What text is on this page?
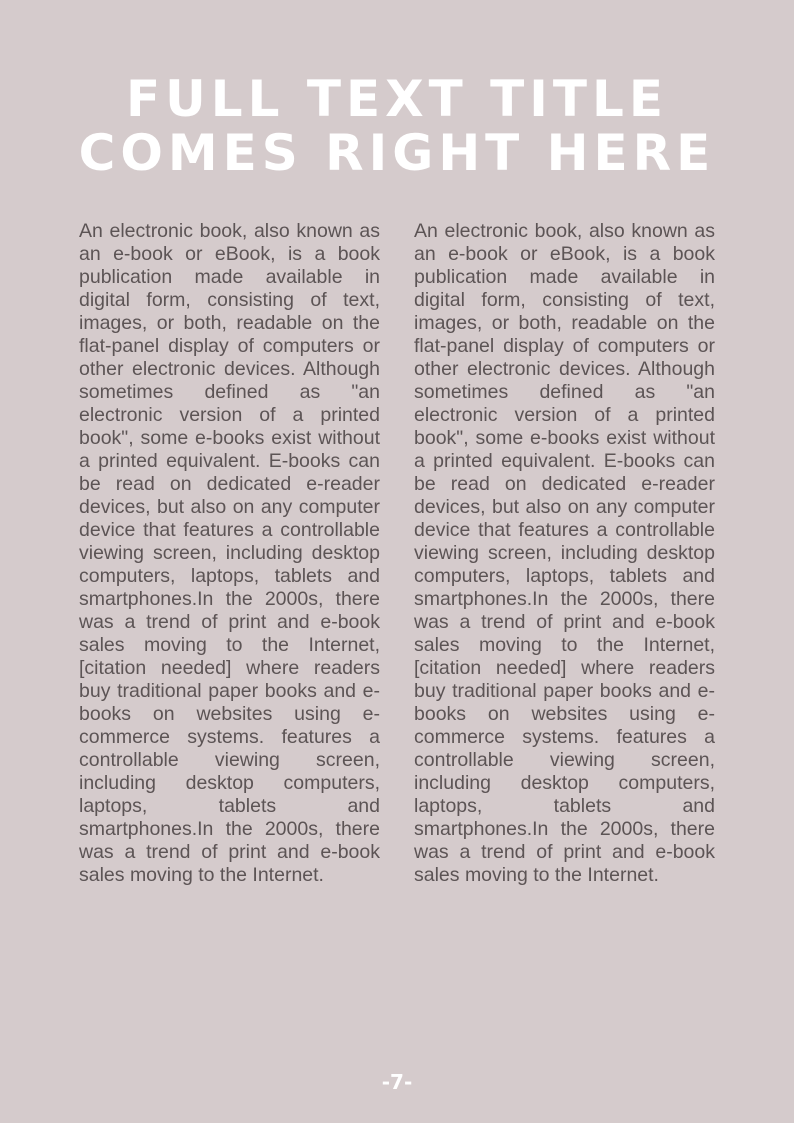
FULL TEXT TITLE
COMES RIGHT HERE

An electronic book, also known as an e-book or eBook, is a book publication made available in digital form, consisting of text, images, or both, readable on the flat-panel display of computers or other electronic devices. Although sometimes defined as "an electronic version of a printed book", some e-books exist without a printed equivalent. E-books can be read on dedicated e-reader devices, but also on any computer device that features a controllable viewing screen, including desktop computers, laptops, tablets and smartphones.In the 2000s, there was a trend of print and e-book sales moving to the Internet, [citation needed] where readers buy traditional paper books and e-books on websites using e-commerce systems. features a controllable viewing screen, including desktop computers, laptops, tablets and smartphones.In the 2000s, there was a trend of print and e-book sales moving to the Internet.

An electronic book, also known as an e-book or eBook, is a book publication made available in digital form, consisting of text, images, or both, readable on the flat-panel display of computers or other electronic devices. Although sometimes defined as "an electronic version of a printed book", some e-books exist without a printed equivalent. E-books can be read on dedicated e-reader devices, but also on any computer device that features a controllable viewing screen, including desktop computers, laptops, tablets and smartphones.In the 2000s, there was a trend of print and e-book sales moving to the Internet, [citation needed] where readers buy traditional paper books and e-books on websites using e-commerce systems. features a controllable viewing screen, including desktop computers, laptops, tablets and smartphones.In the 2000s, there was a trend of print and e-book sales moving to the Internet.

-7-
